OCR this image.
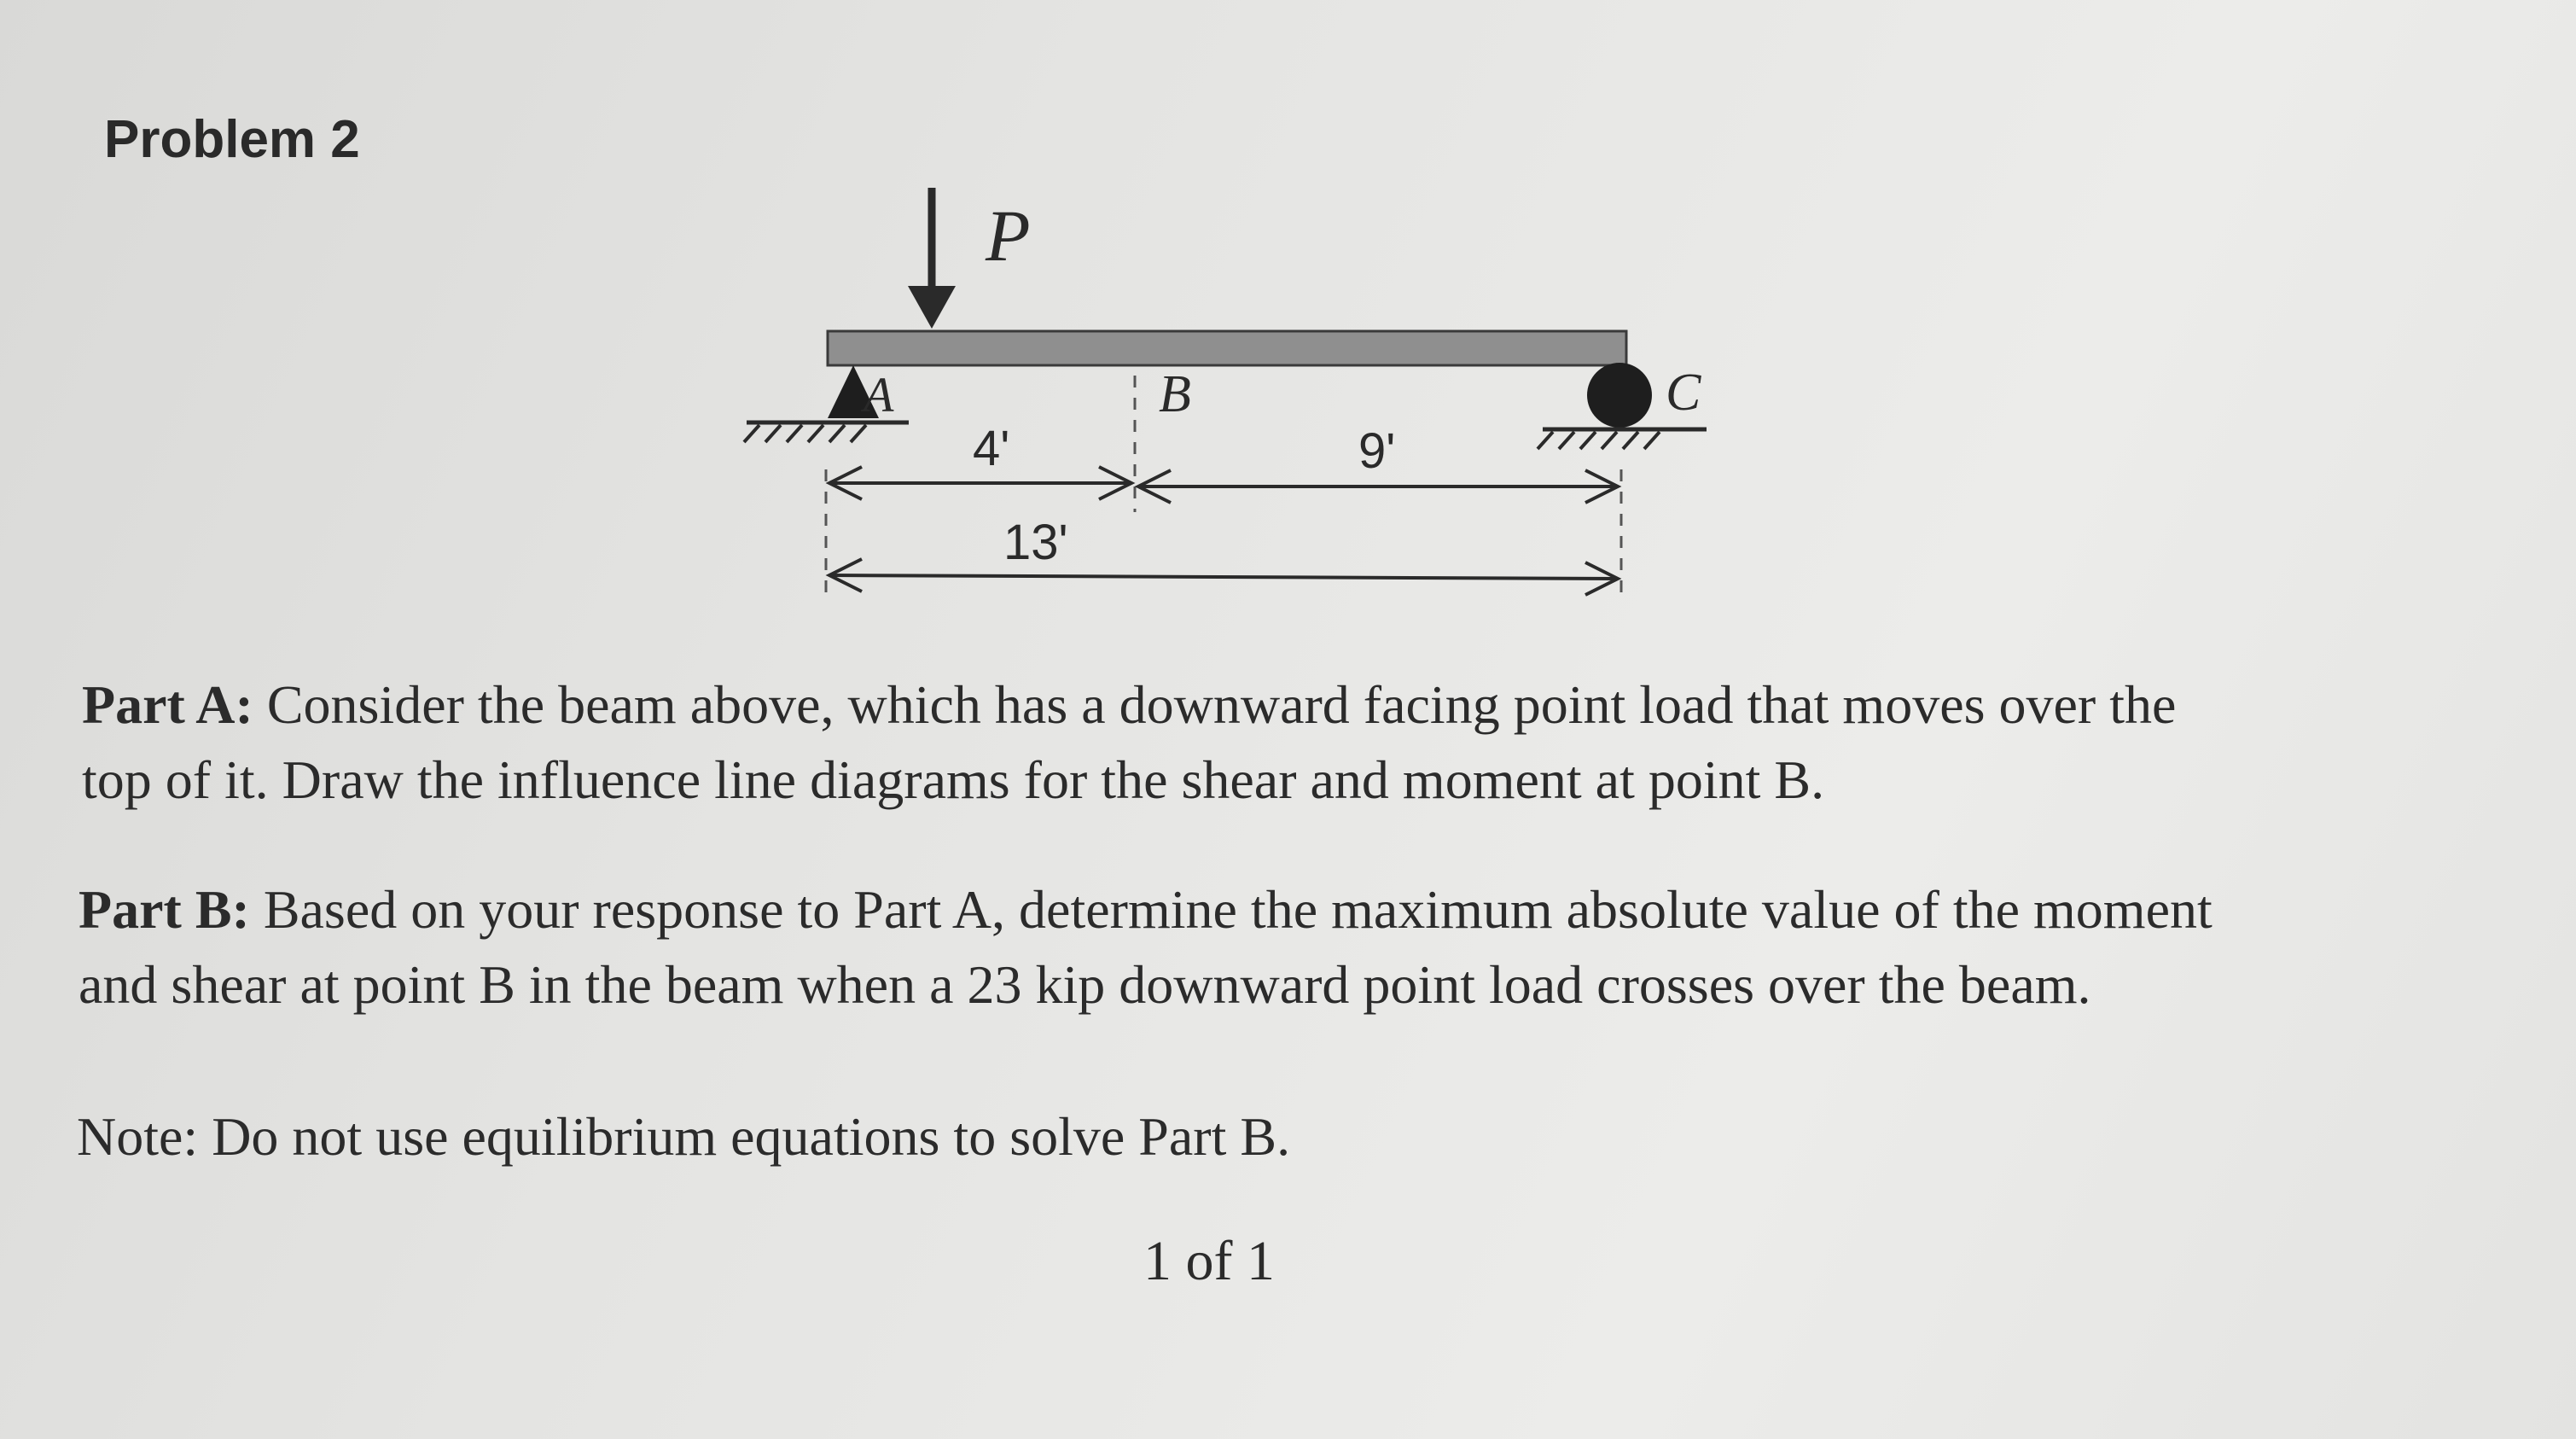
Problem 2
P
A	C
B
4'	9'
13'
Part A: Consider the beam above, which has a downward facing point load that moves over the
top of it. Draw the influence line diagrams for the shear and moment at point B.
Part B: Based on your response to Part A, determine the maximum absolute value of the moment
and shear at point B in the beam when a 23 kip downward point load crosses over the beam.

Note: Do not use equilibrium equations to solve Part B.

1 of 1
